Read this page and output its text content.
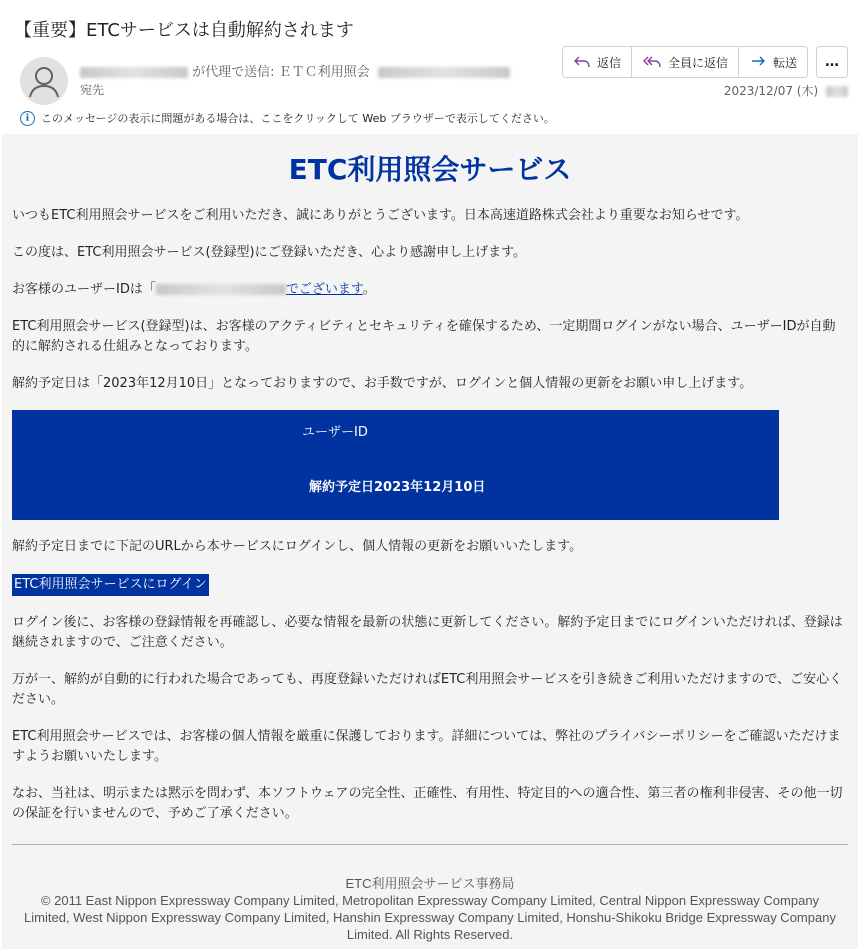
【重要】ETCサービスは自動解約されます
が代理で送信: ＥＴＣ利用照会
宛先
返信	全員に返信	転送 …
2023/12/07 (木)
i	このメッセージの表示に問題がある場合は、ここをクリックして Web ブラウザーで表示してください。
ETC利用照会サービス
いつもETC利用照会サービスをご利用いただき、誠にありがとうございます。日本高速道路株式会社より重要なお知らせです。
この度は、ETC利用照会サービス(登録型)にご登録いただき、心より感謝申し上げます。
お客様のユーザーIDは「	でございます。
ETC利用照会サービス(登録型)は、お客様のアクティビティとセキュリティを確保するため、一定期間ログインがない場合、ユーザーIDが自動的に解約される仕組みとなっております。
解約予定日は「2023年12月10日」となっておりますので、お手数ですが、ログインと個人情報の更新をお願い申し上げます。
ユーザーID
解約予定日2023年12月10日
解約予定日までに下記のURLから本サービスにログインし、個人情報の更新をお願いいたします。
ETC利用照会サービスにログイン
ログイン後に、お客様の登録情報を再確認し、必要な情報を最新の状態に更新してください。解約予定日までにログインいただければ、登録は継続されますので、ご注意ください。
万が一、解約が自動的に行われた場合であっても、再度登録いただければETC利用照会サービスを引き続きご利用いただけますので、ご安心ください。
ETC利用照会サービスでは、お客様の個人情報を厳重に保護しております。詳細については、弊社のプライバシーポリシーをご確認いただけますようお願いいたします。
なお、当社は、明示または黙示を問わず、本ソフトウェアの完全性、正確性、有用性、特定目的への適合性、第三者の権利非侵害、その他一切の保証を行いませんので、予めご了承ください。
ETC利用照会サービス事務局
© 2011 East Nippon Expressway Company Limited, Metropolitan Expressway Company Limited, Central Nippon Expressway Company Limited, West Nippon Expressway Company Limited, Hanshin Expressway Company Limited, Honshu-Shikoku Bridge Expressway Company Limited. All Rights Reserved.
